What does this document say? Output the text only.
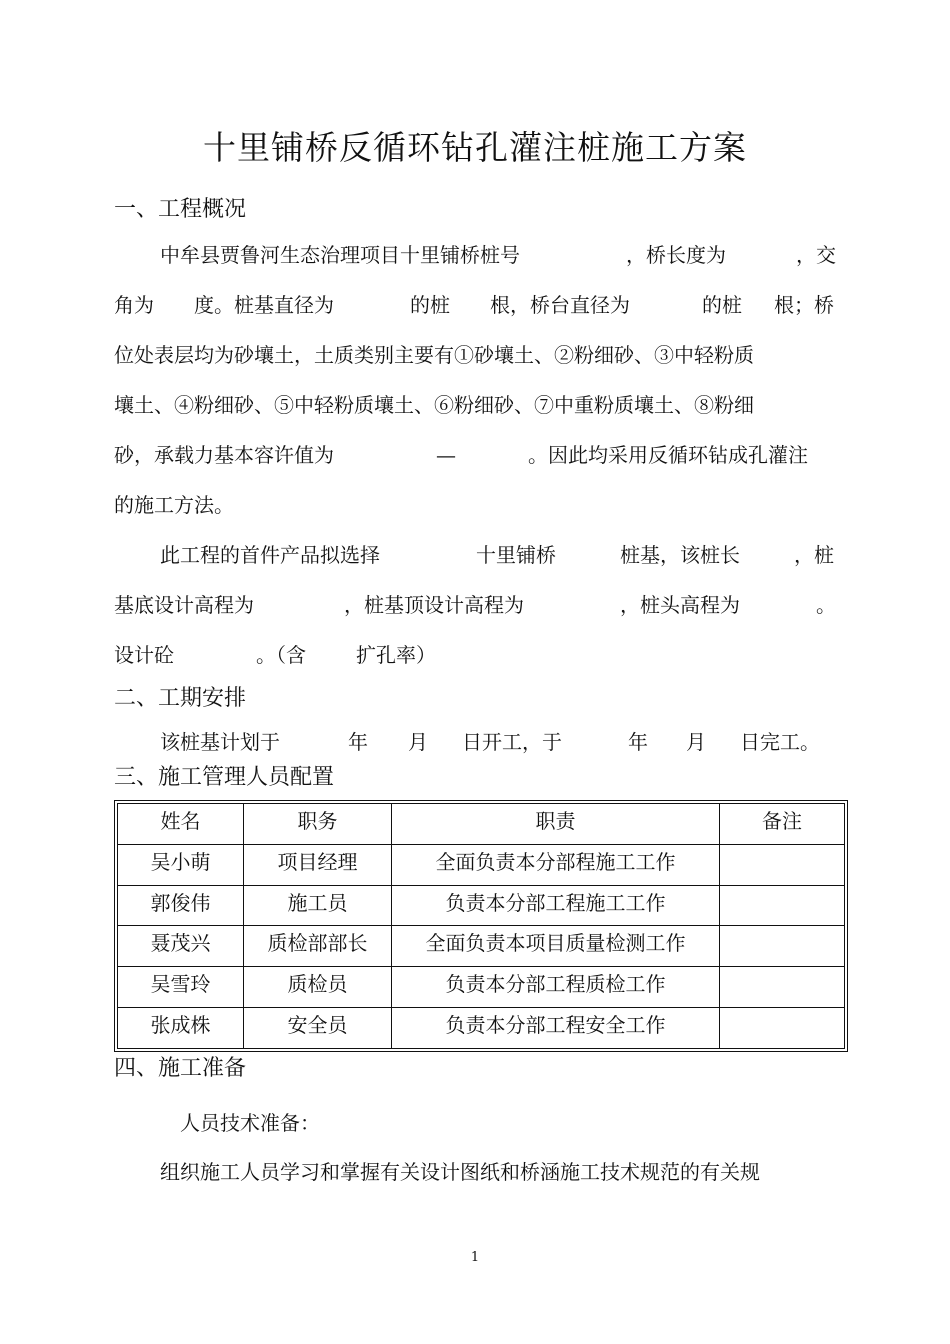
十里铺桥反循环钻孔灌注桩施工方案
一、工程概况
中牟县贾鲁河生态治理项目十里铺桥桩号	，桥长度为	，交
角为 度。桩基直径为	的桩 根，桥台直径为	的桩 根；桥
位处表层均为砂壤土，土质类别主要有①砂壤土、②粉细砂、③中轻粉质
壤土、④粉细砂、⑤中轻粉质壤土、⑥粉细砂、⑦中重粉质壤土、⑧粉细
砂，承载力基本容许值为	—	。因此均采用反循环钻成孔灌注
的施工方法。
此工程的首件产品拟选择	十里铺桥	桩基，该桩长	，桩
基底设计高程为	，桩基顶设计高程为	，桩头高程为	。
设计砼	。（含	扩孔率）
二、工期安排
该桩基计划于	年 月 日开工，于	年 月 日完工。
三、施工管理人员配置
姓名	职务	职责	备注
吴小萌	项目经理	全面负责本分部程施工工作	
郭俊伟	施工员	负责本分部工程施工工作	
聂茂兴	质检部部长	全面负责本项目质量检测工作	
吴雪玲	质检员	负责本分部工程质检工作	
张成株	安全员	负责本分部工程安全工作	
四、施工准备
人员技术准备：
组织施工人员学习和掌握有关设计图纸和桥涵施工技术规范的有关规
1
